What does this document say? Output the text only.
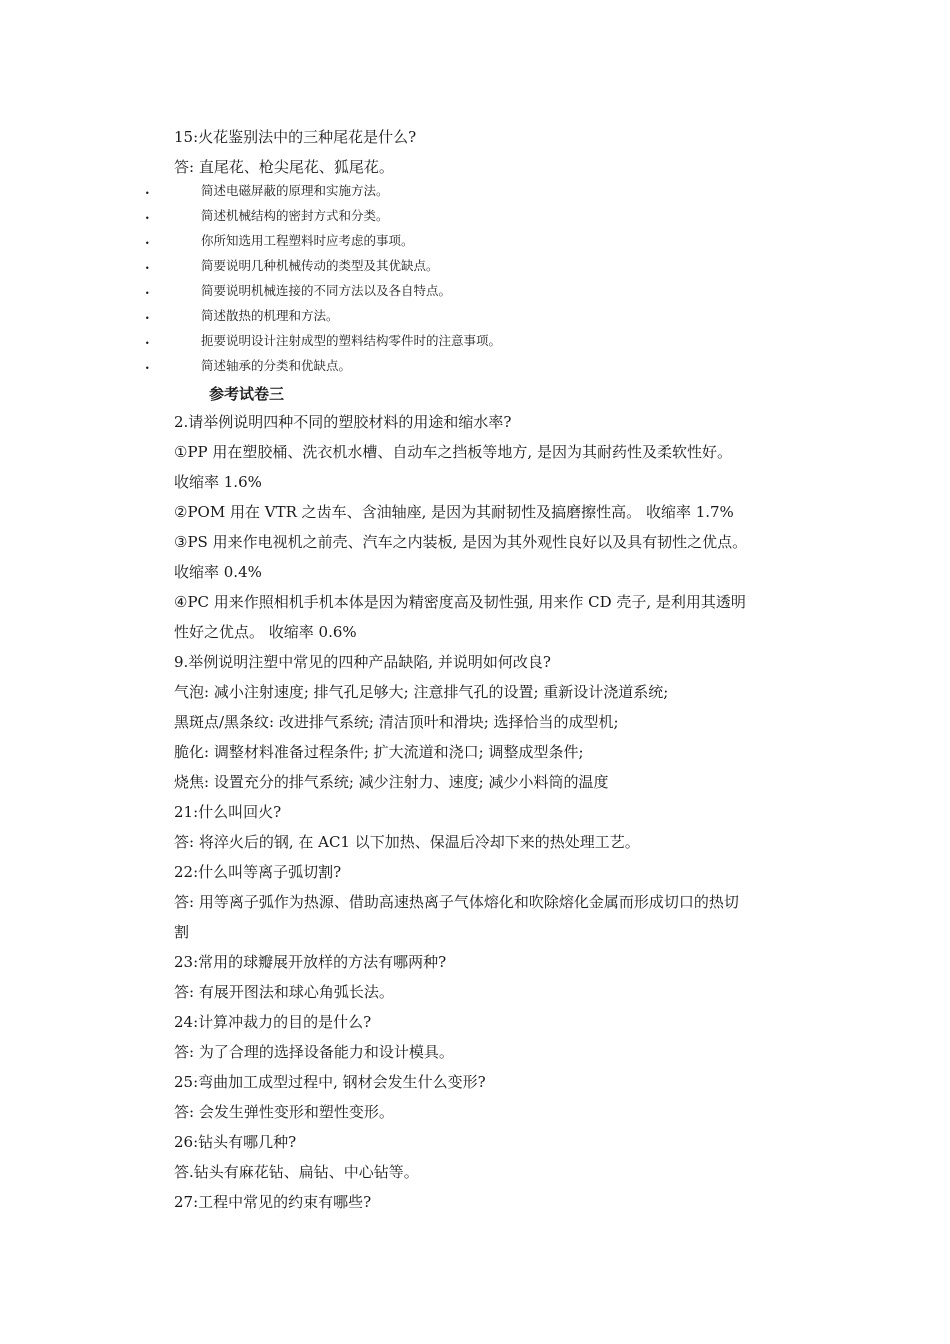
15:火花鉴别法中的三种尾花是什么?
答: 直尾花、枪尖尾花、狐尾花。
.	简述电磁屏蔽的原理和实施方法。
.	简述机械结构的密封方式和分类。
.	你所知选用工程塑料时应考虑的事项。
.	简要说明几种机械传动的类型及其优缺点。
.	简要说明机械连接的不同方法以及各自特点。
.	简述散热的机理和方法。
.	扼要说明设计注射成型的塑料结构零件时的注意事项。
.	简述轴承的分类和优缺点。
参考试卷三
2.请举例说明四种不同的塑胶材料的用途和缩水率?
①PP 用在塑胶桶、洗衣机水槽、自动车之挡板等地方, 是因为其耐药性及柔软性好。
收缩率 1.6%
②POM 用在 VTR 之齿车、含油轴座, 是因为其耐韧性及搞磨擦性高。 收缩率 1.7%
③PS 用来作电视机之前壳、汽车之内装板, 是因为其外观性良好以及具有韧性之优点。
收缩率 0.4%
④PC 用来作照相机手机本体是因为精密度高及韧性强, 用来作 CD 壳子, 是利用其透明
性好之优点。 收缩率 0.6%
9.举例说明注塑中常见的四种产品缺陷, 并说明如何改良?
气泡: 减小注射速度; 排气孔足够大; 注意排气孔的设置; 重新设计浇道系统;
黑斑点/黑条纹: 改进排气系统; 清洁顶叶和滑块; 选择恰当的成型机;
脆化: 调整材料准备过程条件; 扩大流道和浇口; 调整成型条件;
烧焦: 设置充分的排气系统; 减少注射力、速度; 减少小料筒的温度
21:什么叫回火?
答: 将淬火后的钢, 在 AC1 以下加热、保温后冷却下来的热处理工艺。
22:什么叫等离子弧切割?
答: 用等离子弧作为热源、借助高速热离子气体熔化和吹除熔化金属而形成切口的热切
割
23:常用的球瓣展开放样的方法有哪两种?
答: 有展开图法和球心角弧长法。
24:计算冲裁力的目的是什么?
答: 为了合理的选择设备能力和设计模具。
25:弯曲加工成型过程中, 钢材会发生什么变形?
答: 会发生弹性变形和塑性变形。
26:钻头有哪几种?
答.钻头有麻花钻、扁钻、中心钻等。
27:工程中常见的约束有哪些?
